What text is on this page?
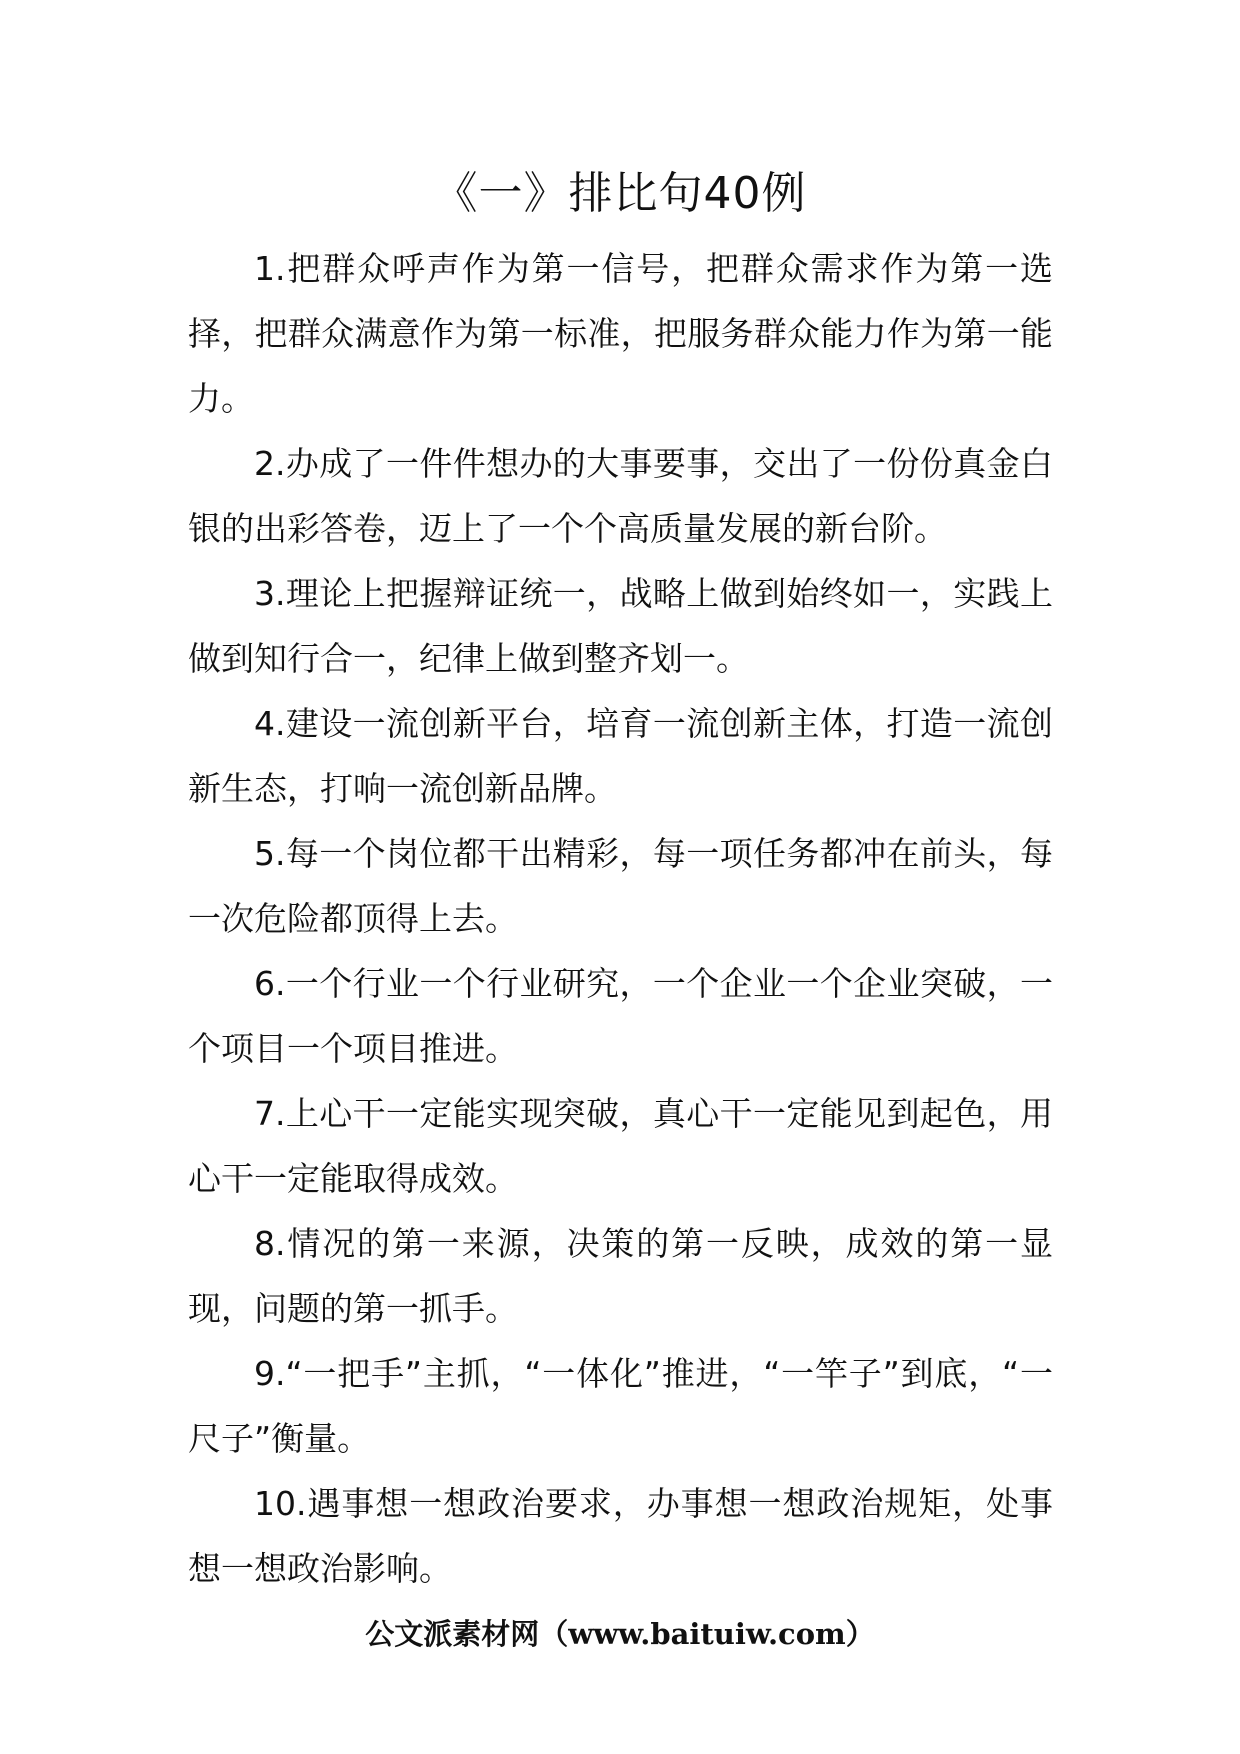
《一》排比句40例

1.把群众呼声作为第一信号，把群众需求作为第一选择，把群众满意作为第一标准，把服务群众能力作为第一能力。

2.办成了一件件想办的大事要事，交出了一份份真金白银的出彩答卷，迈上了一个个高质量发展的新台阶。

3.理论上把握辩证统一，战略上做到始终如一，实践上做到知行合一，纪律上做到整齐划一。

4.建设一流创新平台，培育一流创新主体，打造一流创新生态，打响一流创新品牌。

5.每一个岗位都干出精彩，每一项任务都冲在前头，每一次危险都顶得上去。

6.一个行业一个行业研究，一个企业一个企业突破，一个项目一个项目推进。

7.上心干一定能实现突破，真心干一定能见到起色，用心干一定能取得成效。

8.情况的第一来源，决策的第一反映，成效的第一显现，问题的第一抓手。

9.“一把手”主抓，“一体化”推进，“一竿子”到底，“一尺子”衡量。

10.遇事想一想政治要求，办事想一想政治规矩，处事想一想政治影响。

公文派素材网（www.baituiw.com）
